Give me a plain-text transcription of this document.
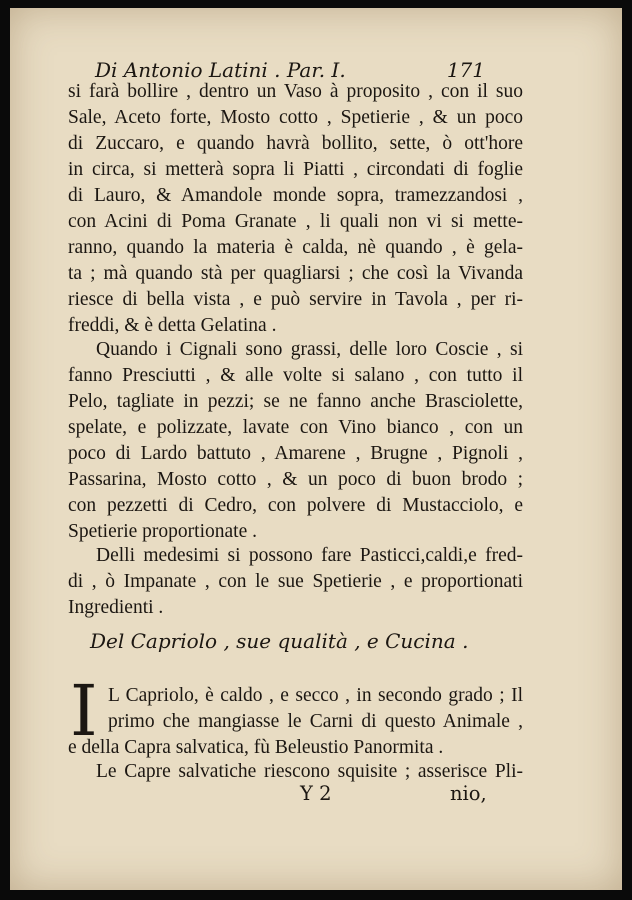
Di Antonio Latini . Par. I.	171
si farà bollire , dentro un Vaso à proposito , con il suo
Sale, Aceto forte, Mosto cotto , Spetierie , & un poco
di Zuccaro, e quando havrà bollito, sette, ò ott'hore
in circa, si metterà sopra li Piatti , circondati di foglie
di Lauro, & Amandole monde sopra, tramezzandosi ,
con Acini di Poma Granate , li quali non vi si mette-
ranno, quando la materia è calda, nè quando , è gela-
ta ; mà quando stà per quagliarsi ; che così la Vivanda
riesce di bella vista , e può servire in Tavola , per ri-
freddi, & è detta Gelatina .
Quando i Cignali sono grassi, delle loro Coscie , si
fanno Presciutti , & alle volte si salano , con tutto il
Pelo, tagliate in pezzi; se ne fanno anche Brasciolette,
spelate, e polizzate, lavate con Vino bianco , con un
poco di Lardo battuto , Amarene , Brugne , Pignoli ,
Passarina, Mosto cotto , & un poco di buon brodo ;
con pezzetti di Cedro, con polvere di Mustacciolo, e
Spetierie proportionate .
Delli medesimi si possono fare Pasticci,caldi,e fred-
di , ò Impanate , con le sue Spetierie , e proportionati
Ingredienti .
L Capriolo, è caldo , e secco , in secondo grado ; Il
primo che mangiasse le Carni di questo Animale ,
e della Capra salvatica, fù Beleustio Panormita .
Le Capre salvatiche riescono squisite ; asserisce Pli-
Del Capriolo , sue qualità , e Cucina .
I
Y 2	nio,
